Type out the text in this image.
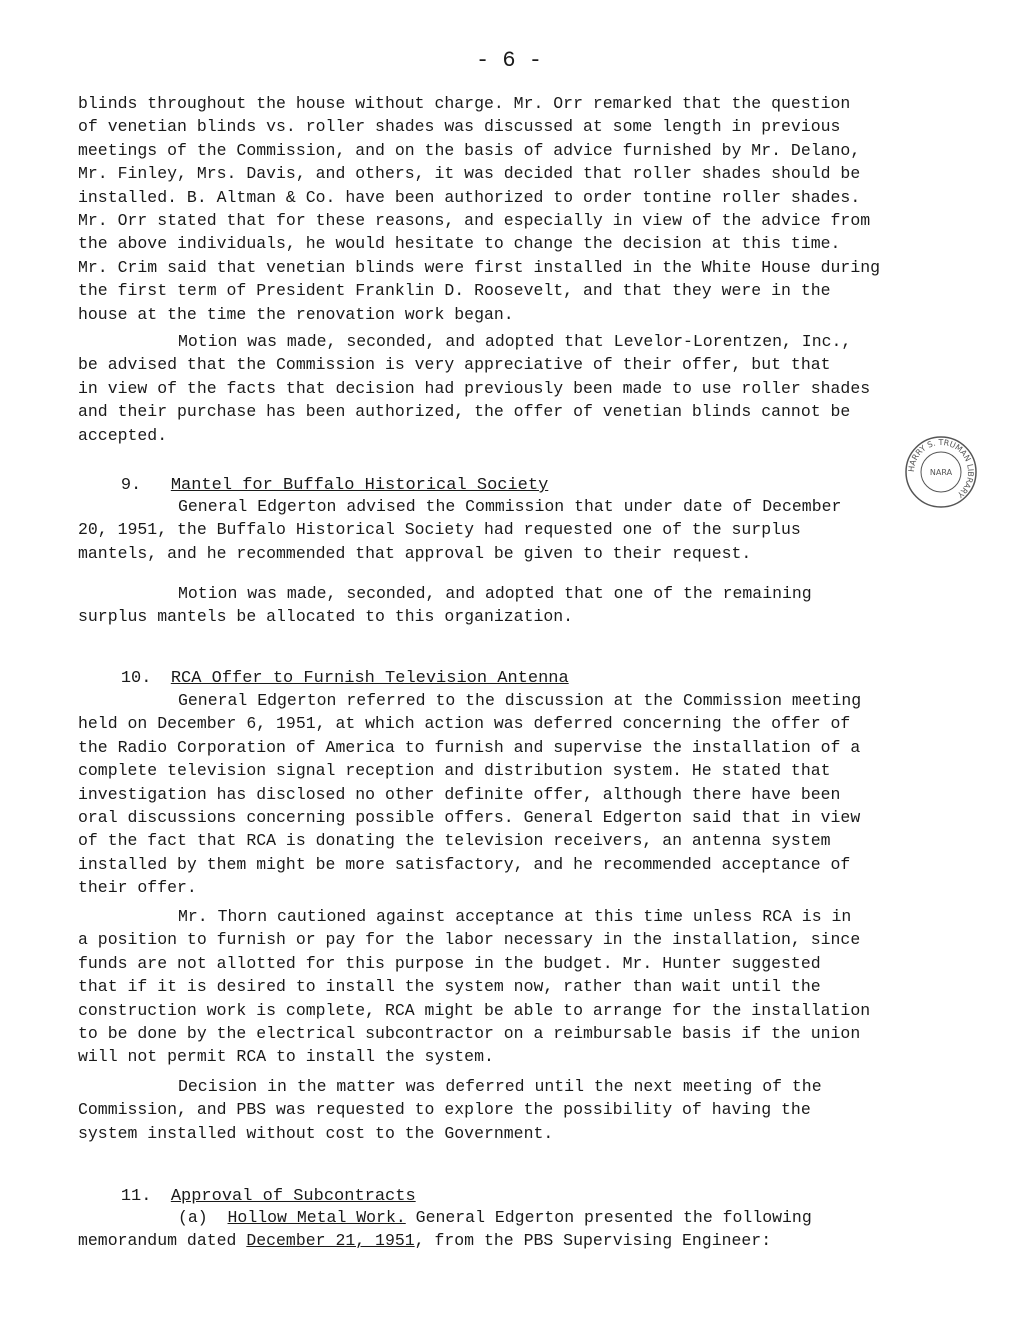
- 6 -
blinds throughout the house without charge. Mr. Orr remarked that the question
of venetian blinds vs. roller shades was discussed at some length in previous
meetings of the Commission, and on the basis of advice furnished by Mr. Delano,
Mr. Finley, Mrs. Davis, and others, it was decided that roller shades should be
installed. B. Altman & Co. have been authorized to order tontine roller shades.
Mr. Orr stated that for these reasons, and especially in view of the advice from
the above individuals, he would hesitate to change the decision at this time.
Mr. Crim said that venetian blinds were first installed in the White House during
the first term of President Franklin D. Roosevelt, and that they were in the
house at the time the renovation work began.
Motion was made, seconded, and adopted that Levelor-Lorentzen, Inc.,
be advised that the Commission is very appreciative of their offer, but that
in view of the facts that decision had previously been made to use roller shades
and their purchase has been authorized, the offer of venetian blinds cannot be
accepted.

9. Mantel for Buffalo Historical Society

General Edgerton advised the Commission that under date of December
20, 1951, the Buffalo Historical Society had requested one of the surplus
mantels, and he recommended that approval be given to their request.
Motion was made, seconded, and adopted that one of the remaining
surplus mantels be allocated to this organization.

10. RCA Offer to Furnish Television Antenna

General Edgerton referred to the discussion at the Commission meeting
held on December 6, 1951, at which action was deferred concerning the offer of
the Radio Corporation of America to furnish and supervise the installation of a
complete television signal reception and distribution system. He stated that
investigation has disclosed no other definite offer, although there have been
oral discussions concerning possible offers. General Edgerton said that in view
of the fact that RCA is donating the television receivers, an antenna system
installed by them might be more satisfactory, and he recommended acceptance of
their offer.
Mr. Thorn cautioned against acceptance at this time unless RCA is in
a position to furnish or pay for the labor necessary in the installation, since
funds are not allotted for this purpose in the budget. Mr. Hunter suggested
that if it is desired to install the system now, rather than wait until the
construction work is complete, RCA might be able to arrange for the installation
to be done by the electrical subcontractor on a reimbursable basis if the union
will not permit RCA to install the system.
Decision in the matter was deferred until the next meeting of the
Commission, and PBS was requested to explore the possibility of having the
system installed without cost to the Government.

11. Approval of Subcontracts

(a) Hollow Metal Work. General Edgerton presented the following
memorandum dated December 21, 1951, from the PBS Supervising Engineer:
HARRY S. TRUMAN LIBRARY
NARA
